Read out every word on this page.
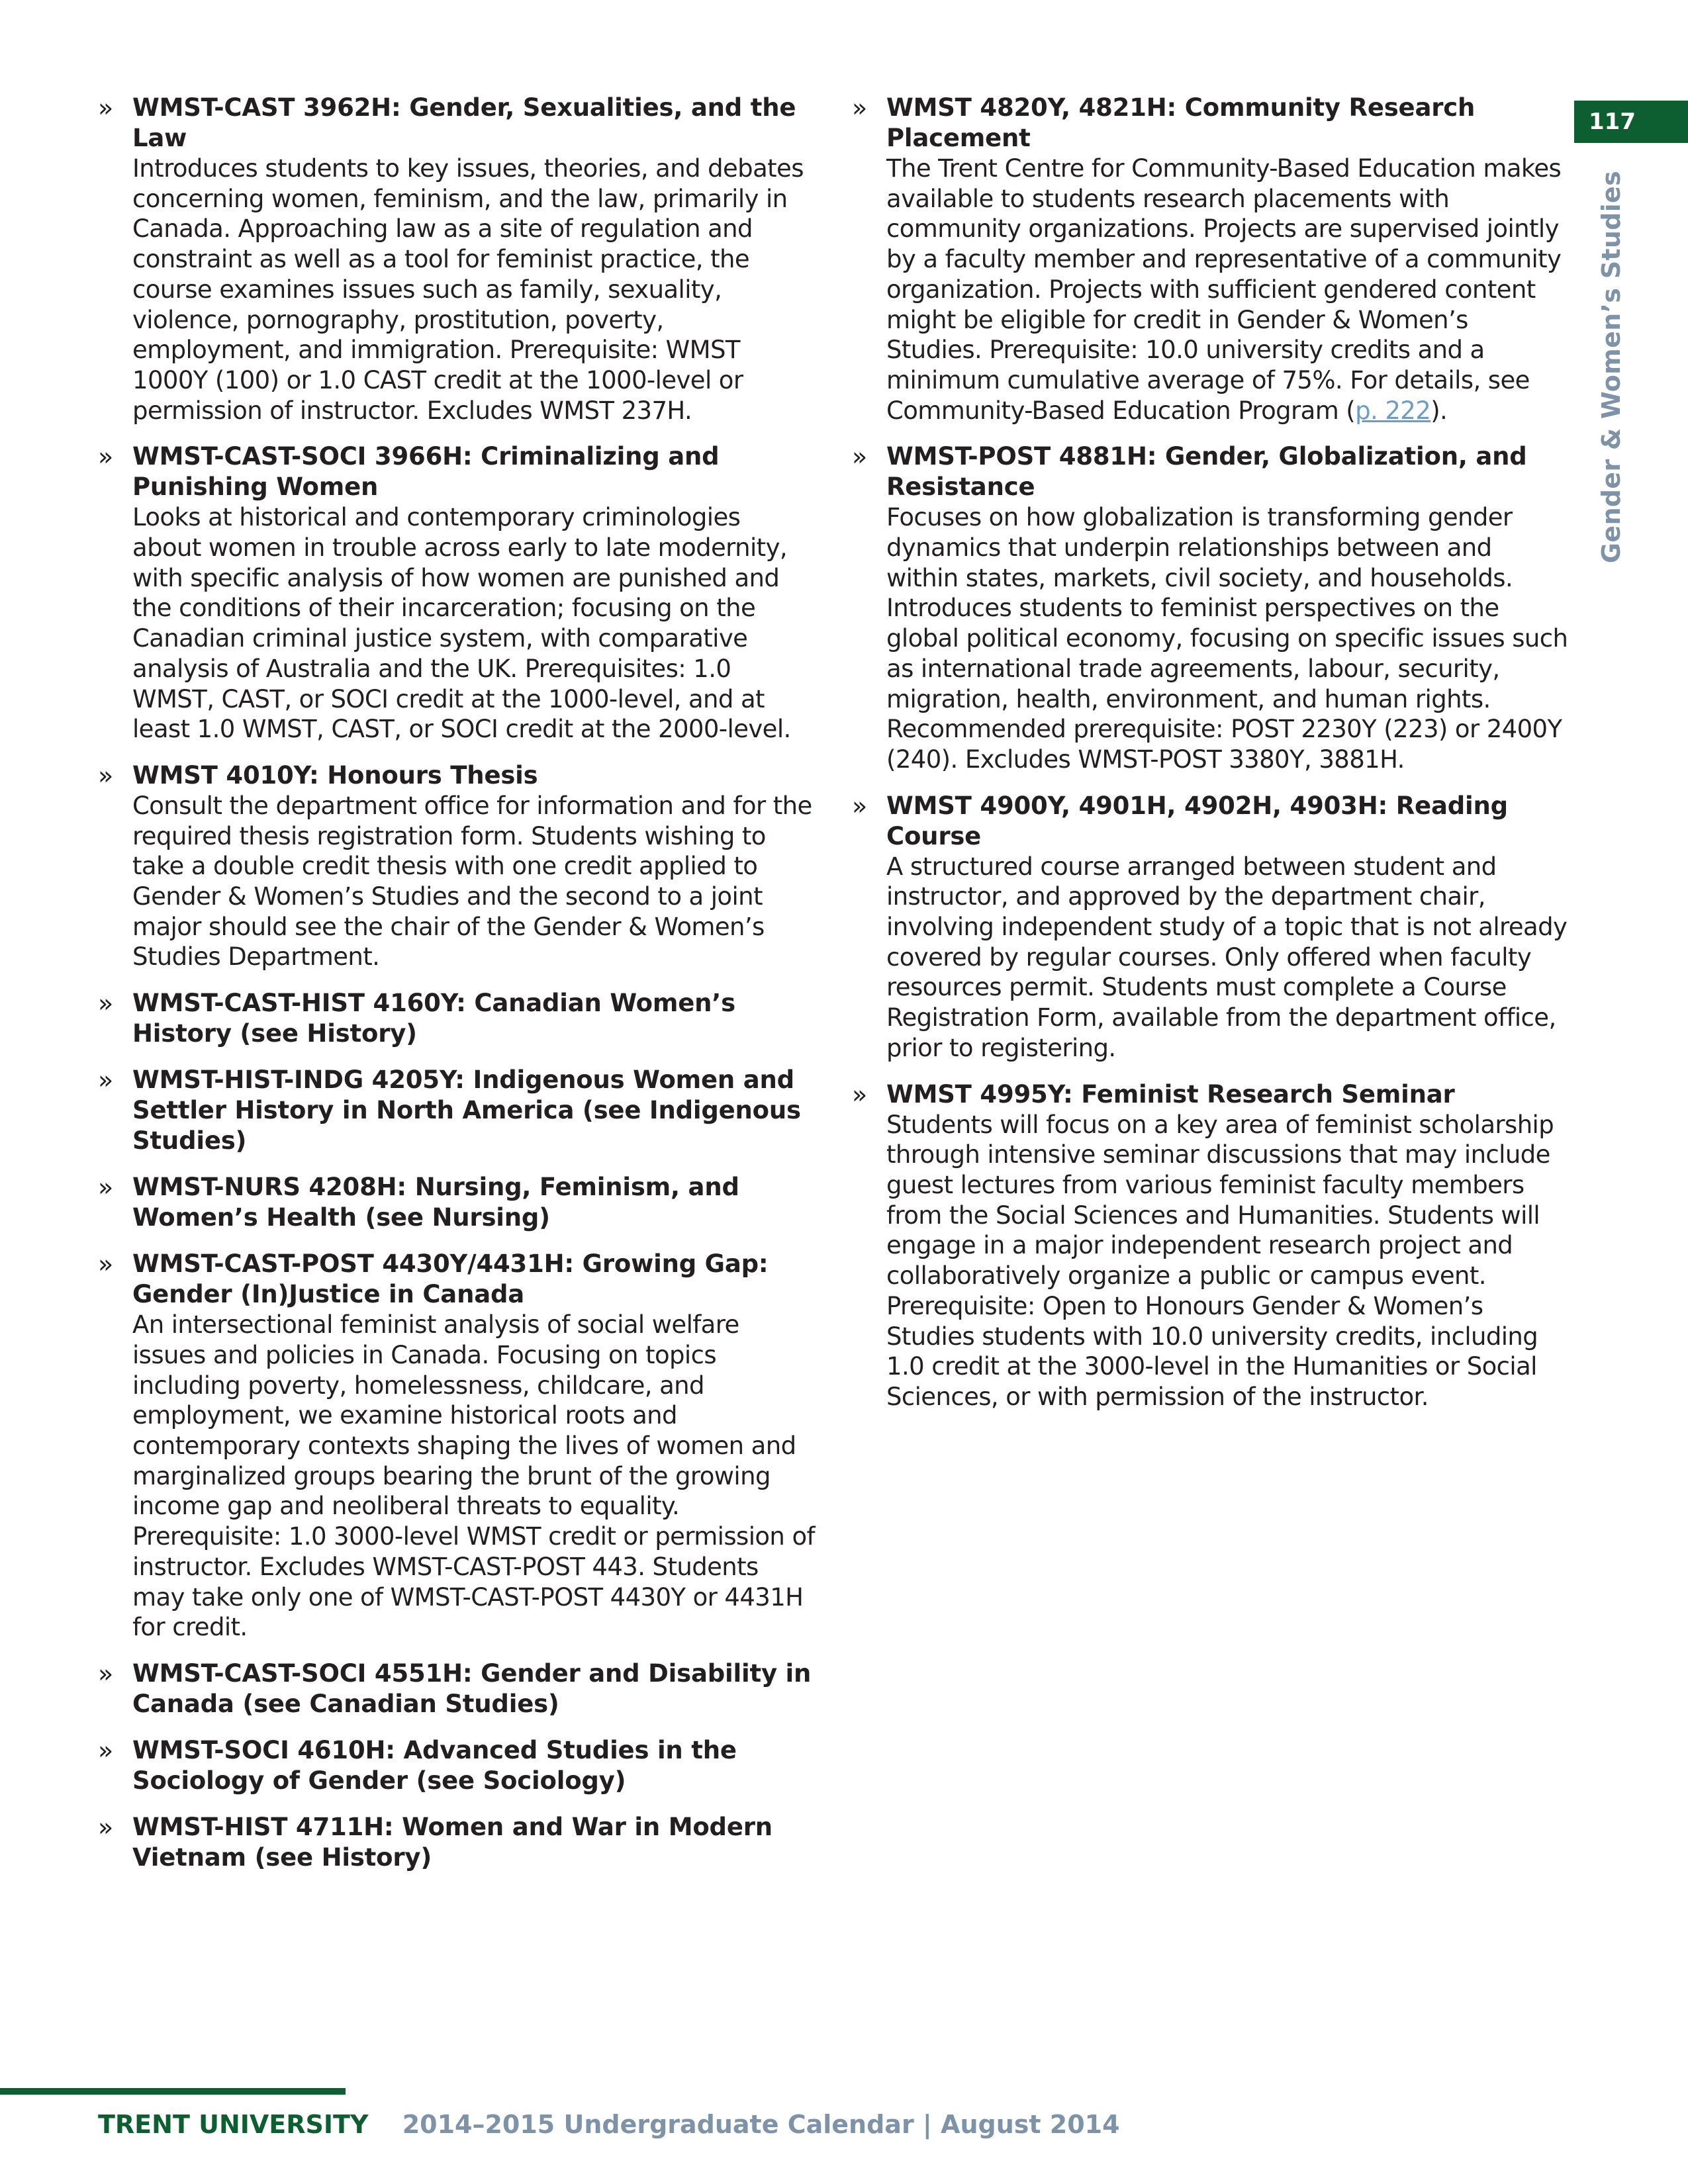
» WMST-CAST 3962H: Gender, Sexualities, and the Law

Introduces students to key issues, theories, and debates concerning women, feminism, and the law, primarily in Canada. Approaching law as a site of regulation and constraint as well as a tool for feminist practice, the course examines issues such as family, sexuality, violence, pornography, prostitution, poverty, employment, and immigration. Prerequisite: WMST 1000Y (100) or 1.0 CAST credit at the 1000-level or permission of instructor. Excludes WMST 237H.

» WMST-CAST-SOCI 3966H: Criminalizing and Punishing Women

Looks at historical and contemporary criminologies about women in trouble across early to late modernity, with specific analysis of how women are punished and the conditions of their incarceration; focusing on the Canadian criminal justice system, with comparative analysis of Australia and the UK. Prerequisites: 1.0 WMST, CAST, or SOCI credit at the 1000-level, and at least 1.0 WMST, CAST, or SOCI credit at the 2000-level.

» WMST 4010Y: Honours Thesis

Consult the department office for information and for the required thesis registration form. Students wishing to take a double credit thesis with one credit applied to Gender & Women’s Studies and the second to a joint major should see the chair of the Gender & Women’s Studies Department.

» WMST-CAST-HIST 4160Y: Canadian Women’s History (see History)

» WMST-HIST-INDG 4205Y: Indigenous Women and Settler History in North America (see Indigenous Studies)

» WMST-NURS 4208H: Nursing, Feminism, and Women’s Health (see Nursing)

» WMST-CAST-POST 4430Y/4431H: Growing Gap: Gender (In)Justice in Canada

An intersectional feminist analysis of social welfare issues and policies in Canada. Focusing on topics including poverty, homelessness, childcare, and employment, we examine historical roots and contemporary contexts shaping the lives of women and marginalized groups bearing the brunt of the growing income gap and neoliberal threats to equality. Prerequisite: 1.0 3000-level WMST credit or permission of instructor. Excludes WMST-CAST-POST 443. Students may take only one of WMST-CAST-POST 4430Y or 4431H for credit.

» WMST-CAST-SOCI 4551H: Gender and Disability in Canada (see Canadian Studies)

» WMST-SOCI 4610H: Advanced Studies in the Sociology of Gender (see Sociology)

» WMST-HIST 4711H: Women and War in Modern Vietnam (see History)

» WMST 4820Y, 4821H: Community Research Placement

The Trent Centre for Community-Based Education makes available to students research placements with community organizations. Projects are supervised jointly by a faculty member and representative of a community organization. Projects with sufficient gendered content might be eligible for credit in Gender & Women’s Studies. Prerequisite: 10.0 university credits and a minimum cumulative average of 75%. For details, see Community-Based Education Program (p. 222).

» WMST-POST 4881H: Gender, Globalization, and Resistance

Focuses on how globalization is transforming gender dynamics that underpin relationships between and within states, markets, civil society, and households. Introduces students to feminist perspectives on the global political economy, focusing on specific issues such as international trade agreements, labour, security, migration, health, environment, and human rights. Recommended prerequisite: POST 2230Y (223) or 2400Y (240). Excludes WMST-POST 3380Y, 3881H.

» WMST 4900Y, 4901H, 4902H, 4903H: Reading Course

A structured course arranged between student and instructor, and approved by the department chair, involving independent study of a topic that is not already covered by regular courses. Only offered when faculty resources permit. Students must complete a Course Registration Form, available from the department office, prior to registering.

» WMST 4995Y: Feminist Research Seminar

Students will focus on a key area of feminist scholarship through intensive seminar discussions that may include guest lectures from various feminist faculty members from the Social Sciences and Humanities. Students will engage in a major independent research project and collaboratively organize a public or campus event. Prerequisite: Open to Honours Gender & Women’s Studies students with 10.0 university credits, including 1.0 credit at the 3000-level in the Humanities or Social Sciences, or with permission of the instructor.

117
Gender & Women’s Studies
TRENT UNIVERSITY 2014–2015 Undergraduate Calendar | August 2014
